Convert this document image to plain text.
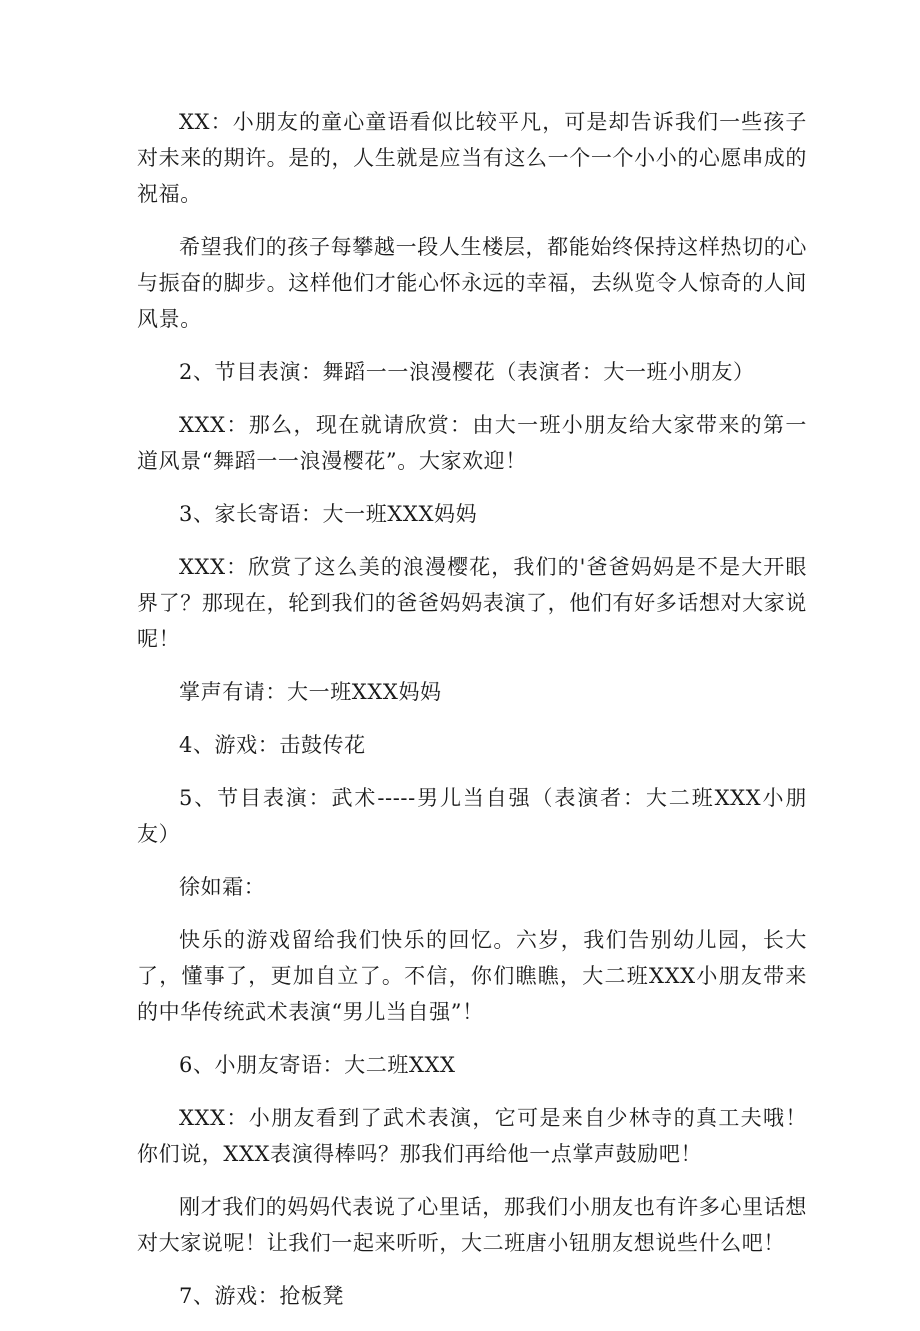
XX：小朋友的童心童语看似比较平凡，可是却告诉我们一些孩子对未来的期许。是的，人生就是应当有这么一个一个小小的心愿串成的祝福。

希望我们的孩子每攀越一段人生楼层，都能始终保持这样热切的心与振奋的脚步。这样他们才能心怀永远的幸福，去纵览令人惊奇的人间风景。

2、节目表演：舞蹈一一浪漫樱花（表演者：大一班小朋友）

XXX：那么，现在就请欣赏：由大一班小朋友给大家带来的第一道风景“舞蹈一一浪漫樱花”。大家欢迎！

3、家长寄语：大一班XXX妈妈

XXX：欣赏了这么美的浪漫樱花，我们的'爸爸妈妈是不是大开眼界了？那现在，轮到我们的爸爸妈妈表演了，他们有好多话想对大家说呢！

掌声有请：大一班XXX妈妈

4、游戏：击鼓传花

5、节目表演：武术-----男儿当自强（表演者：大二班XXX小朋友）

徐如霜：

快乐的游戏留给我们快乐的回忆。六岁，我们告别幼儿园，长大了，懂事了，更加自立了。不信，你们瞧瞧，大二班XXX小朋友带来的中华传统武术表演“男儿当自强”！

6、小朋友寄语：大二班XXX

XXX：小朋友看到了武术表演，它可是来自少林寺的真工夫哦！你们说，XXX表演得棒吗？那我们再给他一点掌声鼓励吧！

刚才我们的妈妈代表说了心里话，那我们小朋友也有许多心里话想对大家说呢！让我们一起来听听，大二班唐小钮朋友想说些什么吧！

7、游戏：抢板凳
